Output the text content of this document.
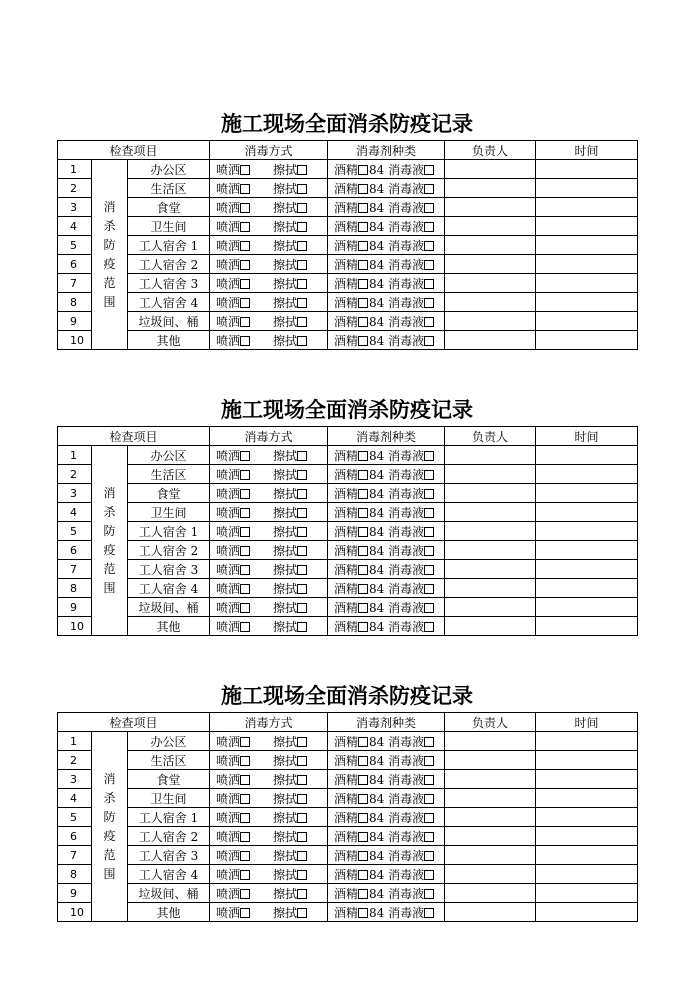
施工现场全面消杀防疫记录
检查项目			消毒方式	消毒剂种类	负责人	时间
1	消杀防疫范围	办公区	喷洒 擦拭	酒精 84 消毒液		
2		生活区	喷洒 擦拭	酒精 84 消毒液		
3		食堂	喷洒 擦拭	酒精 84 消毒液		
4		卫生间	喷洒 擦拭	酒精 84 消毒液		
5		工人宿舍 1	喷洒 擦拭	酒精 84 消毒液		
6		工人宿舍 2	喷洒 擦拭	酒精 84 消毒液		
7		工人宿舍 3	喷洒 擦拭	酒精 84 消毒液		
8		工人宿舍 4	喷洒 擦拭	酒精 84 消毒液		
9		垃圾间、桶	喷洒 擦拭	酒精 84 消毒液		
10		其他	喷洒 擦拭	酒精 84 消毒液		
施工现场全面消杀防疫记录
检查项目			消毒方式	消毒剂种类	负责人	时间
1	消杀防疫范围	办公区	喷洒 擦拭	酒精 84 消毒液		
2		生活区	喷洒 擦拭	酒精 84 消毒液		
3		食堂	喷洒 擦拭	酒精 84 消毒液		
4		卫生间	喷洒 擦拭	酒精 84 消毒液		
5		工人宿舍 1	喷洒 擦拭	酒精 84 消毒液		
6		工人宿舍 2	喷洒 擦拭	酒精 84 消毒液		
7		工人宿舍 3	喷洒 擦拭	酒精 84 消毒液		
8		工人宿舍 4	喷洒 擦拭	酒精 84 消毒液		
9		垃圾间、桶	喷洒 擦拭	酒精 84 消毒液		
10		其他	喷洒 擦拭	酒精 84 消毒液		
施工现场全面消杀防疫记录
检查项目			消毒方式	消毒剂种类	负责人	时间
1	消杀防疫范围	办公区	喷洒 擦拭	酒精 84 消毒液		
2		生活区	喷洒 擦拭	酒精 84 消毒液		
3		食堂	喷洒 擦拭	酒精 84 消毒液		
4		卫生间	喷洒 擦拭	酒精 84 消毒液		
5		工人宿舍 1	喷洒 擦拭	酒精 84 消毒液		
6		工人宿舍 2	喷洒 擦拭	酒精 84 消毒液		
7		工人宿舍 3	喷洒 擦拭	酒精 84 消毒液		
8		工人宿舍 4	喷洒 擦拭	酒精 84 消毒液		
9		垃圾间、桶	喷洒 擦拭	酒精 84 消毒液		
10		其他	喷洒 擦拭	酒精 84 消毒液		
